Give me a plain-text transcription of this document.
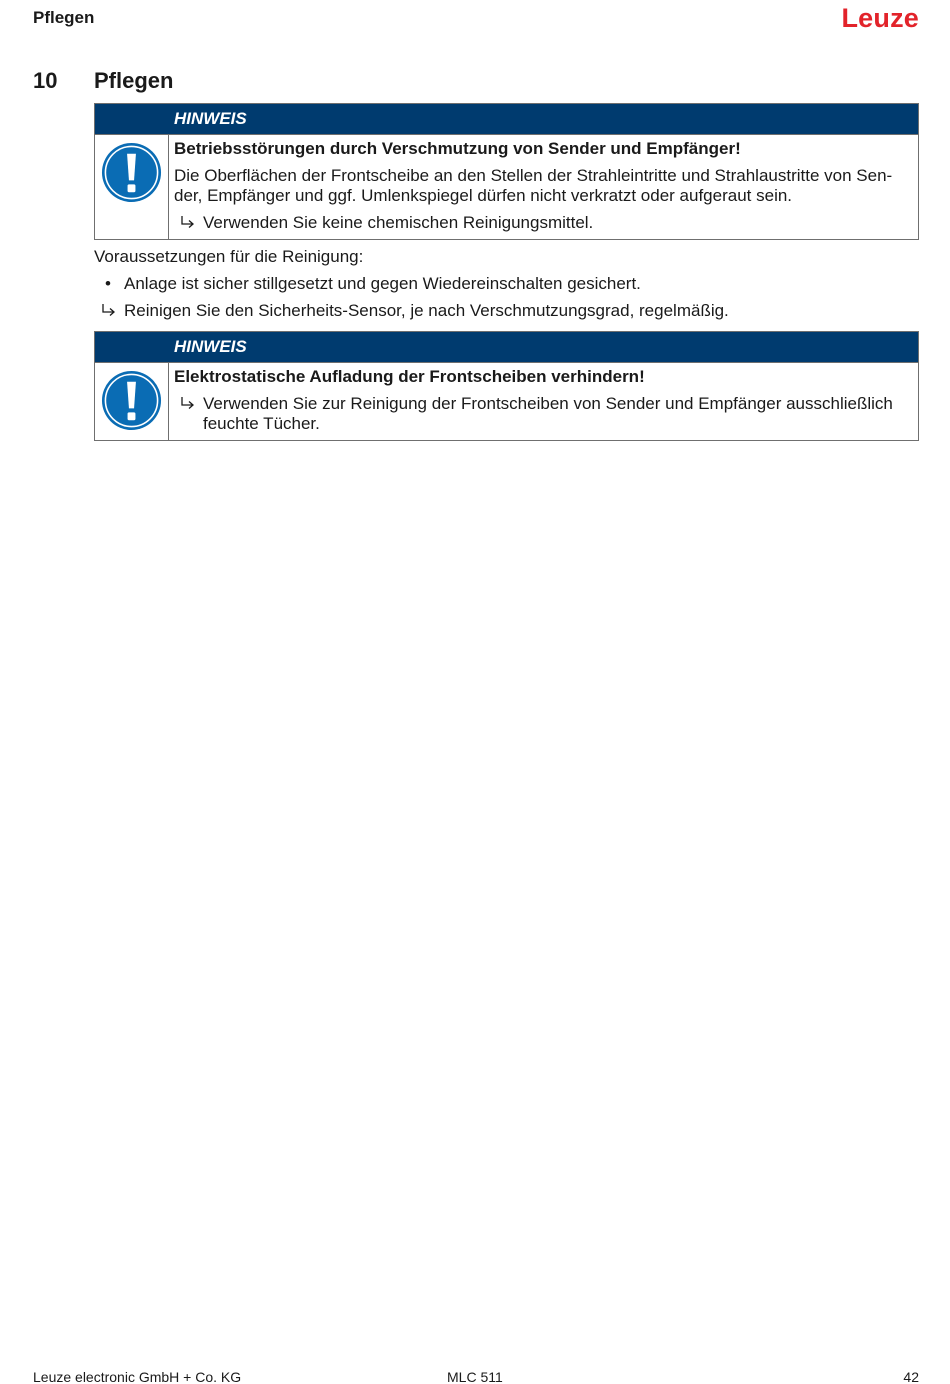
Pflegen	Leuze
10 Pflegen
HINWEIS
Betriebsstörungen durch Verschmutzung von Sender und Empfänger!
Die Oberflächen der Frontscheibe an den Stellen der Strahleintritte und Strahlaustritte von Sen-
der, Empfänger und ggf. Umlenkspiegel dürfen nicht verkratzt oder aufgeraut sein.
Verwenden Sie keine chemischen Reinigungsmittel.
Voraussetzungen für die Reinigung:
• Anlage ist sicher stillgesetzt und gegen Wiedereinschalten gesichert.
Reinigen Sie den Sicherheits-Sensor, je nach Verschmutzungsgrad, regelmäßig.
HINWEIS
Elektrostatische Aufladung der Frontscheiben verhindern!
Verwenden Sie zur Reinigung der Frontscheiben von Sender und Empfänger ausschließlich
feuchte Tücher.
Leuze electronic GmbH + Co. KG	MLC 511	42
